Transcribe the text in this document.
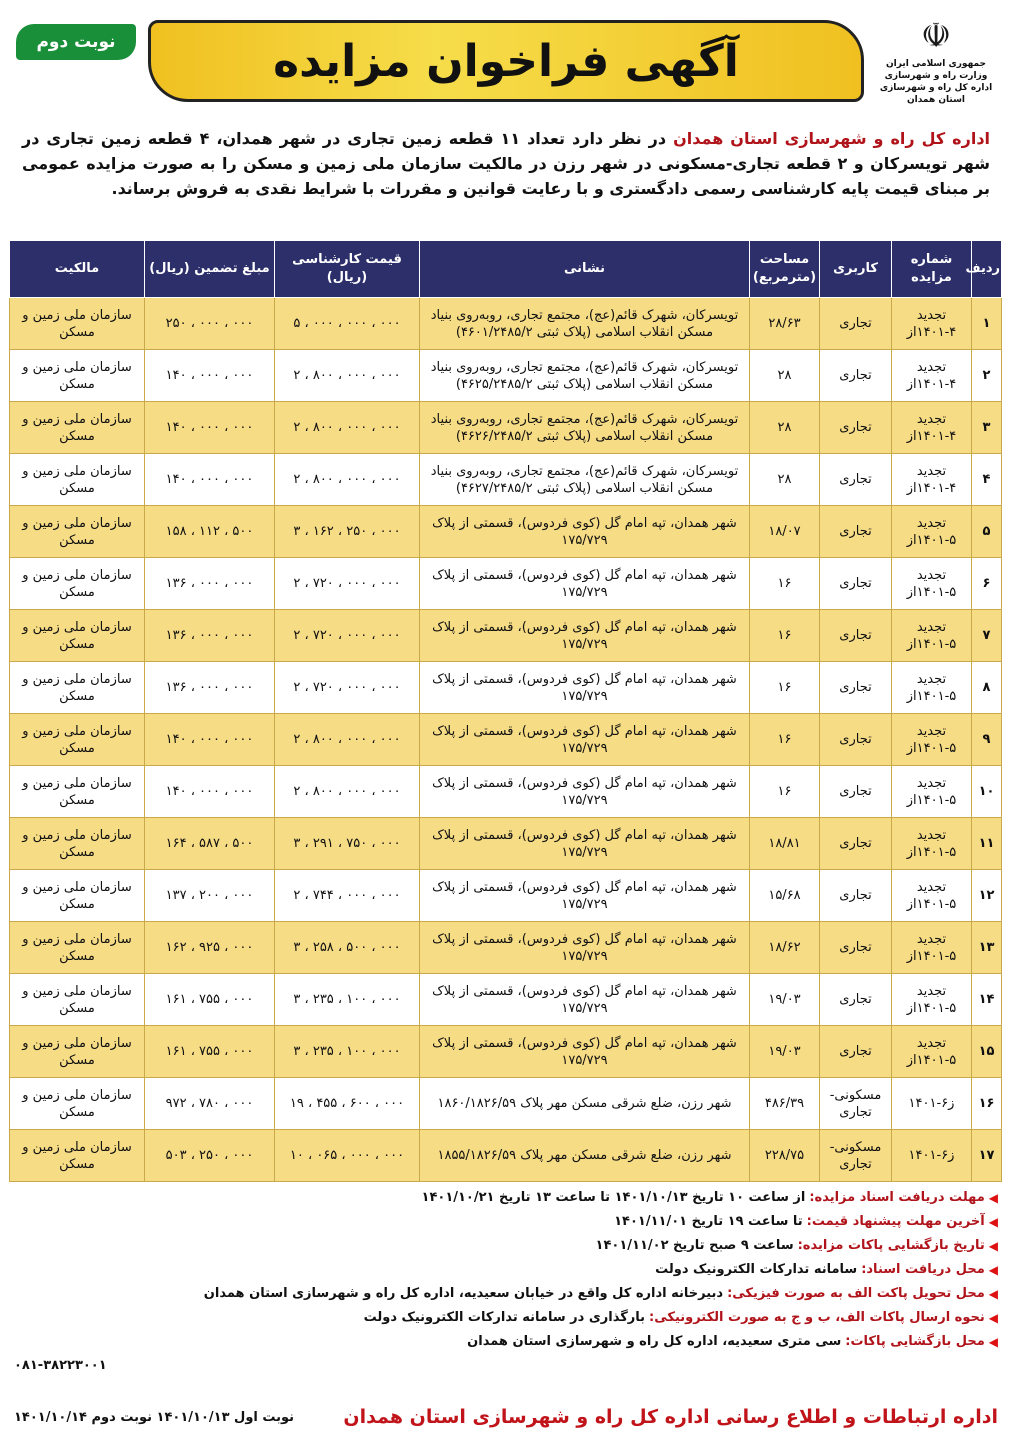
☫
جمهوری اسلامی ایران
وزارت راه و شهرسازی
اداره کل راه و شهرسازی استان همدان
آگهی فراخوان مزایده
نوبت دوم
اداره کل راه و شهرسازی استان همدان در نظر دارد تعداد ۱۱ قطعه زمین تجاری در شهر همدان، ۴ قطعه زمین تجاری در شهر تویسرکان و ۲ قطعه تجاری-مسکونی در شهر رزن در مالکیت سازمان ملی زمین و مسکن را به صورت مزایده عمومی بر مبنای قیمت پایه کارشناسی رسمی دادگستری و با رعایت قوانین و مقررات با شرایط نقدی به فروش برساند.
ردیف	شماره مزایده	کاربری	مساحت (مترمربع)	نشانی	قیمت کارشناسی (ریال)	مبلغ تضمین (ریال)	مالکیت
۱	تجدید ۴-۱۴۰۱از	تجاری	۲۸/۶۳	تویسرکان، شهرک قائم(عج)، مجتمع تجاری، روبه‌روی بنیاد مسکن انقلاب اسلامی (پلاک ثبتی ۴۶۰۱/۲۴۸۵/۲)	۵ ، ۰۰۰ ، ۰۰۰ ، ۰۰۰	۲۵۰ ، ۰۰۰ ، ۰۰۰	سازمان ملی زمین و مسکن
۲	تجدید ۴-۱۴۰۱از	تجاری	۲۸	تویسرکان، شهرک قائم(عج)، مجتمع تجاری، روبه‌روی بنیاد مسکن انقلاب اسلامی (پلاک ثبتی ۴۶۲۵/۲۴۸۵/۲)	۲ ، ۸۰۰ ، ۰۰۰ ، ۰۰۰	۱۴۰ ، ۰۰۰ ، ۰۰۰	سازمان ملی زمین و مسکن
۳	تجدید ۴-۱۴۰۱از	تجاری	۲۸	تویسرکان، شهرک قائم(عج)، مجتمع تجاری، روبه‌روی بنیاد مسکن انقلاب اسلامی (پلاک ثبتی ۴۶۲۶/۲۴۸۵/۲)	۲ ، ۸۰۰ ، ۰۰۰ ، ۰۰۰	۱۴۰ ، ۰۰۰ ، ۰۰۰	سازمان ملی زمین و مسکن
۴	تجدید ۴-۱۴۰۱از	تجاری	۲۸	تویسرکان، شهرک قائم(عج)، مجتمع تجاری، روبه‌روی بنیاد مسکن انقلاب اسلامی (پلاک ثبتی ۴۶۲۷/۲۴۸۵/۲)	۲ ، ۸۰۰ ، ۰۰۰ ، ۰۰۰	۱۴۰ ، ۰۰۰ ، ۰۰۰	سازمان ملی زمین و مسکن
۵	تجدید ۵-۱۴۰۱از	تجاری	۱۸/۰۷	شهر همدان، تپه امام گل (کوی فردوس)، قسمتی از پلاک ۱۷۵/۷۲۹	۳ ، ۱۶۲ ، ۲۵۰ ، ۰۰۰	۱۵۸ ، ۱۱۲ ، ۵۰۰	سازمان ملی زمین و مسکن
۶	تجدید ۵-۱۴۰۱از	تجاری	۱۶	شهر همدان، تپه امام گل (کوی فردوس)، قسمتی از پلاک ۱۷۵/۷۲۹	۲ ، ۷۲۰ ، ۰۰۰ ، ۰۰۰	۱۳۶ ، ۰۰۰ ، ۰۰۰	سازمان ملی زمین و مسکن
۷	تجدید ۵-۱۴۰۱از	تجاری	۱۶	شهر همدان، تپه امام گل (کوی فردوس)، قسمتی از پلاک ۱۷۵/۷۲۹	۲ ، ۷۲۰ ، ۰۰۰ ، ۰۰۰	۱۳۶ ، ۰۰۰ ، ۰۰۰	سازمان ملی زمین و مسکن
۸	تجدید ۵-۱۴۰۱از	تجاری	۱۶	شهر همدان، تپه امام گل (کوی فردوس)، قسمتی از پلاک ۱۷۵/۷۲۹	۲ ، ۷۲۰ ، ۰۰۰ ، ۰۰۰	۱۳۶ ، ۰۰۰ ، ۰۰۰	سازمان ملی زمین و مسکن
۹	تجدید ۵-۱۴۰۱از	تجاری	۱۶	شهر همدان، تپه امام گل (کوی فردوس)، قسمتی از پلاک ۱۷۵/۷۲۹	۲ ، ۸۰۰ ، ۰۰۰ ، ۰۰۰	۱۴۰ ، ۰۰۰ ، ۰۰۰	سازمان ملی زمین و مسکن
۱۰	تجدید ۵-۱۴۰۱از	تجاری	۱۶	شهر همدان، تپه امام گل (کوی فردوس)، قسمتی از پلاک ۱۷۵/۷۲۹	۲ ، ۸۰۰ ، ۰۰۰ ، ۰۰۰	۱۴۰ ، ۰۰۰ ، ۰۰۰	سازمان ملی زمین و مسکن
۱۱	تجدید ۵-۱۴۰۱از	تجاری	۱۸/۸۱	شهر همدان، تپه امام گل (کوی فردوس)، قسمتی از پلاک ۱۷۵/۷۲۹	۳ ، ۲۹۱ ، ۷۵۰ ، ۰۰۰	۱۶۴ ، ۵۸۷ ، ۵۰۰	سازمان ملی زمین و مسکن
۱۲	تجدید ۵-۱۴۰۱از	تجاری	۱۵/۶۸	شهر همدان، تپه امام گل (کوی فردوس)، قسمتی از پلاک ۱۷۵/۷۲۹	۲ ، ۷۴۴ ، ۰۰۰ ، ۰۰۰	۱۳۷ ، ۲۰۰ ، ۰۰۰	سازمان ملی زمین و مسکن
۱۳	تجدید ۵-۱۴۰۱از	تجاری	۱۸/۶۲	شهر همدان، تپه امام گل (کوی فردوس)، قسمتی از پلاک ۱۷۵/۷۲۹	۳ ، ۲۵۸ ، ۵۰۰ ، ۰۰۰	۱۶۲ ، ۹۲۵ ، ۰۰۰	سازمان ملی زمین و مسکن
۱۴	تجدید ۵-۱۴۰۱از	تجاری	۱۹/۰۳	شهر همدان، تپه امام گل (کوی فردوس)، قسمتی از پلاک ۱۷۵/۷۲۹	۳ ، ۲۳۵ ، ۱۰۰ ، ۰۰۰	۱۶۱ ، ۷۵۵ ، ۰۰۰	سازمان ملی زمین و مسکن
۱۵	تجدید ۵-۱۴۰۱از	تجاری	۱۹/۰۳	شهر همدان، تپه امام گل (کوی فردوس)، قسمتی از پلاک ۱۷۵/۷۲۹	۳ ، ۲۳۵ ، ۱۰۰ ، ۰۰۰	۱۶۱ ، ۷۵۵ ، ۰۰۰	سازمان ملی زمین و مسکن
۱۶	ز۶-۱۴۰۱	مسکونی-تجاری	۴۸۶/۳۹	شهر رزن، ضلع شرقی مسکن مهر پلاک ۱۸۶۰/۱۸۲۶/۵۹	۱۹ ، ۴۵۵ ، ۶۰۰ ، ۰۰۰	۹۷۲ ، ۷۸۰ ، ۰۰۰	سازمان ملی زمین و مسکن
۱۷	ز۶-۱۴۰۱	مسکونی-تجاری	۲۲۸/۷۵	شهر رزن، ضلع شرقی مسکن مهر پلاک ۱۸۵۵/۱۸۲۶/۵۹	۱۰ ، ۰۶۵ ، ۰۰۰ ، ۰۰۰	۵۰۳ ، ۲۵۰ ، ۰۰۰	سازمان ملی زمین و مسکن
◀
مهلت دریافت اسناد مزایده:
از ساعت ۱۰ تاریخ ۱۴۰۱/۱۰/۱۳ تا ساعت ۱۳ تاریخ ۱۴۰۱/۱۰/۲۱
◀
آخرین مهلت پیشنهاد قیمت:
تا ساعت ۱۹ تاریخ ۱۴۰۱/۱۱/۰۱
◀
تاریخ بازگشایی پاکات مزایده:
ساعت ۹ صبح تاریخ ۱۴۰۱/۱۱/۰۲
◀
محل دریافت اسناد:
سامانه تدارکات الکترونیک دولت
◀
محل تحویل پاکت الف به صورت فیزیکی:
دبیرخانه اداره کل واقع در خیابان سعیدیه، اداره کل راه و شهرسازی استان همدان
◀
نحوه ارسال پاکات الف، ب و ج به صورت الکترونیکی:
بارگذاری در سامانه تدارکات الکترونیک دولت
◀
محل بازگشایی پاکات:
سی متری سعیدیه، اداره کل راه و شهرسازی استان همدان
۰۸۱-۳۸۲۲۳۰۰۱
اداره ارتباطات و اطلاع رسانی اداره کل راه و شهرسازی استان همدان
نوبت اول ۱۴۰۱/۱۰/۱۳ نوبت دوم ۱۴۰۱/۱۰/۱۴
